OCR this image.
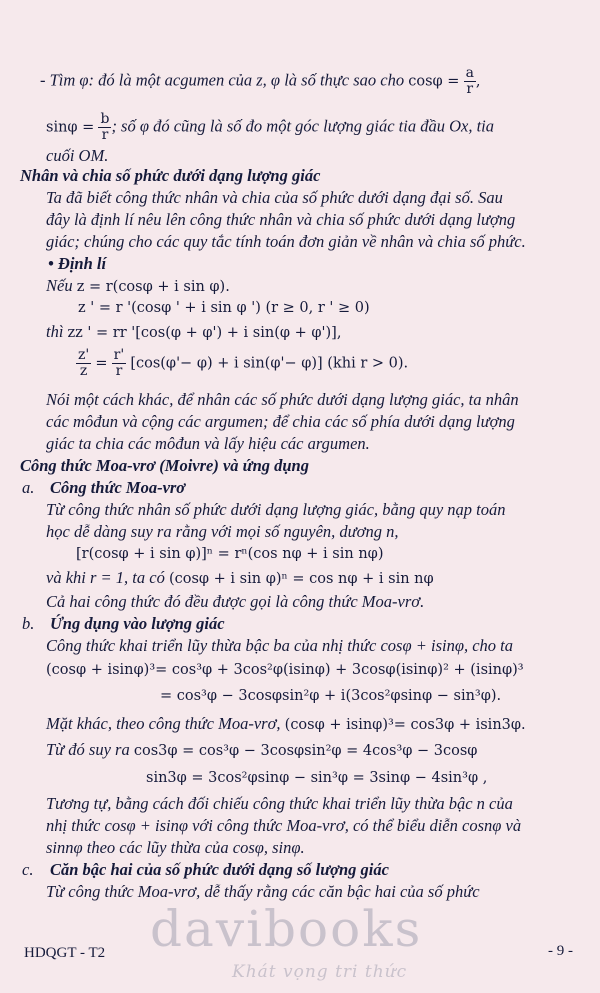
- Tìm φ: đó là một acgumen của z, φ là số thực sao cho $\cos\varphi = \frac{a}{r}$ ,
$\sin\varphi = \frac{b}{r}$ ; số φ đó cũng là số đo một góc lượng giác tia đầu Ox, tia
cuối OM.
Nhân và chia số phức dưới dạng lượng giác
Ta đã biết công thức nhân và chia của số phức dưới dạng đại số. Sau
đây là định lí nêu lên công thức nhân và chia số phức dưới dạng lượng
giác; chúng cho các quy tắc tính toán đơn giản về nhân và chia số phức.
• Định lí
Nếu z = r(cosφ + i sin φ).
z ' = r '(cosφ ' + i sin φ ') (r ≥ 0, r ' ≥ 0)
thì zz ' = rr '[cos(φ + φ') + i sin(φ + φ')],
$\frac{z'}{z} = \frac{r'}{r} [\cos(\varphi'- \varphi) + i$ sin(φ'− φ)] (khi r > 0).
Nói một cách khác, để nhân các số phức dưới dạng lượng giác, ta nhân
các môđun và cộng các argumen; để chia các số phía dưới dạng lượng
giác ta chia các môđun và lấy hiệu các argumen.
Công thức Moa-vrơ (Moivre) và ứng dụng
a. Công thức Moa-vrơ
Từ công thức nhân số phức dưới dạng lượng giác, bằng quy nạp toán
học dễ dàng suy ra rằng với mọi số nguyên, dương n,
[r(cosφ + i sin φ)]ⁿ = rⁿ(cos nφ + i sin nφ)
và khi r = 1, ta có (cosφ + i sin φ)ⁿ = cos nφ + i sin nφ
Cả hai công thức đó đều được gọi là công thức Moa-vrơ.
b. Ứng dụng vào lượng giác
Công thức khai triển lũy thừa bậc ba của nhị thức cosφ + isinφ, cho ta
(cosφ + isinφ)³= cos³φ + 3cos²φ(isinφ) + 3cosφ(isinφ)² + (isinφ)³
= cos³φ − 3cosφsin²φ + i(3cos²φsinφ − sin³φ).
Mặt khác, theo công thức Moa-vrơ, (cosφ + isinφ)³= cos3φ + isin3φ.
Từ đó suy ra cos3φ = cos³φ − 3cosφsin²φ = 4cos³φ − 3cosφ
sin3φ = 3cos²φsinφ − sin³φ = 3sinφ − 4sin³φ ,
Tương tự, bằng cách đối chiếu công thức khai triển lũy thừa bậc n của
nhị thức cosφ + isinφ với công thức Moa-vrơ, có thể biểu diễn cosnφ và
sinnφ theo các lũy thừa của cosφ, sinφ.
c. Căn bậc hai của số phức dưới dạng số lượng giác
Từ công thức Moa-vrơ, dễ thấy rằng các căn bậc hai của số phức
davibooks
Khát vọng tri thức
HDQGT - T2	- 9 -
